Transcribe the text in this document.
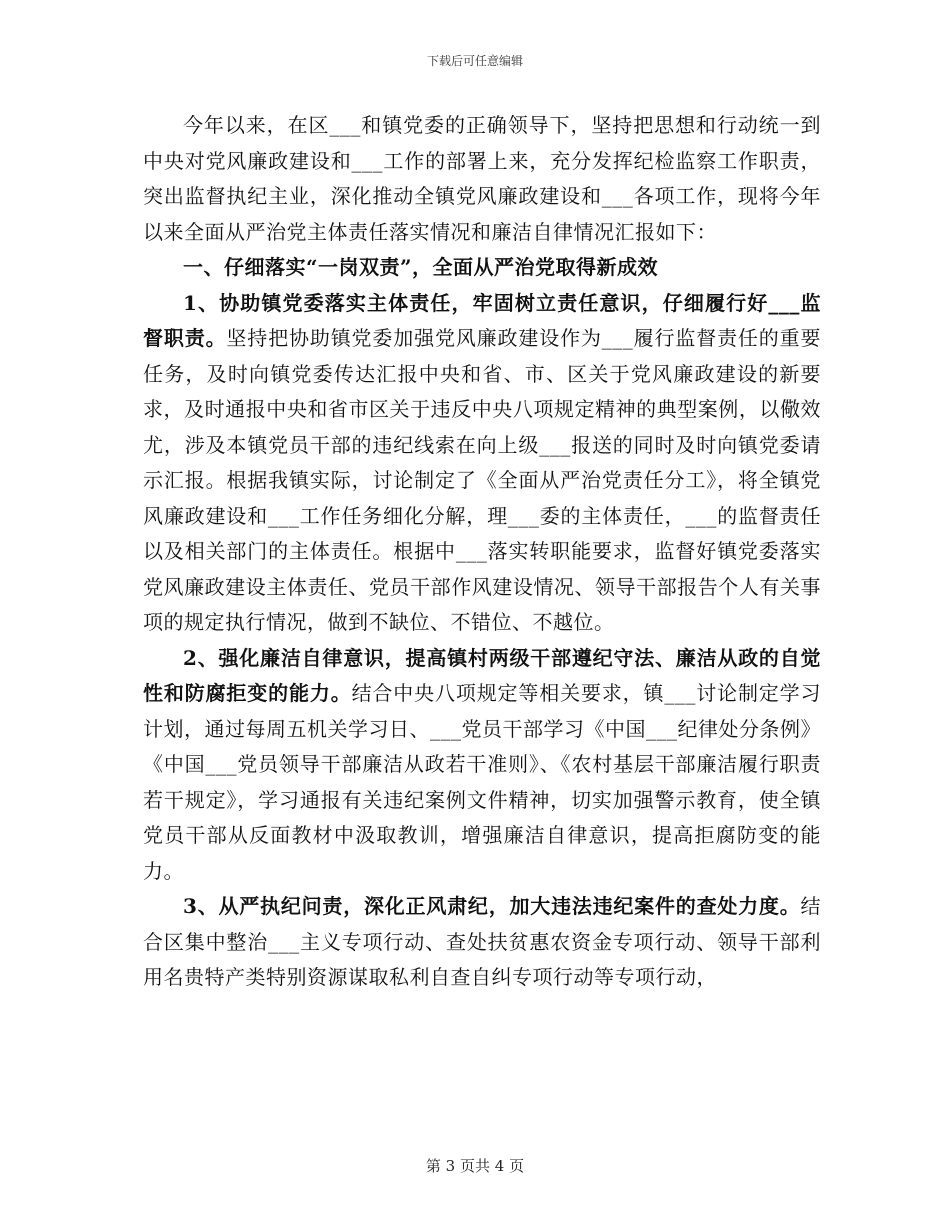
下载后可任意编辑

今年以来，在区___和镇党委的正确领导下，坚持把思想和行动统一到中央对党风廉政建设和___工作的部署上来，充分发挥纪检监察工作职责，突出监督执纪主业，深化推动全镇党风廉政建设和___各项工作，现将今年以来全面从严治党主体责任落实情况和廉洁自律情况汇报如下：

一、仔细落实“一岗双责”，全面从严治党取得新成效

1、协助镇党委落实主体责任，牢固树立责任意识，仔细履行好___监督职责。坚持把协助镇党委加强党风廉政建设作为___履行监督责任的重要任务，及时向镇党委传达汇报中央和省、市、区关于党风廉政建设的新要求，及时通报中央和省市区关于违反中央八项规定精神的典型案例，以儆效尤，涉及本镇党员干部的违纪线索在向上级___报送的同时及时向镇党委请示汇报。根据我镇实际，讨论制定了《全面从严治党责任分工》，将全镇党风廉政建设和___工作任务细化分解，理___委的主体责任，___的监督责任以及相关部门的主体责任。根据中___落实转职能要求，监督好镇党委落实党风廉政建设主体责任、党员干部作风建设情况、领导干部报告个人有关事项的规定执行情况，做到不缺位、不错位、不越位。

2、强化廉洁自律意识，提高镇村两级干部遵纪守法、廉洁从政的自觉性和防腐拒变的能力。结合中央八项规定等相关要求，镇___讨论制定学习计划，通过每周五机关学习日、___党员干部学习《中国___纪律处分条例》《中国___党员领导干部廉洁从政若干准则》、《农村基层干部廉洁履行职责若干规定》，学习通报有关违纪案例文件精神，切实加强警示教育，使全镇党员干部从反面教材中汲取教训，增强廉洁自律意识，提高拒腐防变的能力。

3、从严执纪问责，深化正风肃纪，加大违法违纪案件的查处力度。结合区集中整治___主义专项行动、查处扶贫惠农资金专项行动、领导干部利用名贵特产类特别资源谋取私利自查自纠专项行动等专项行动，

第 3 页共 4 页
